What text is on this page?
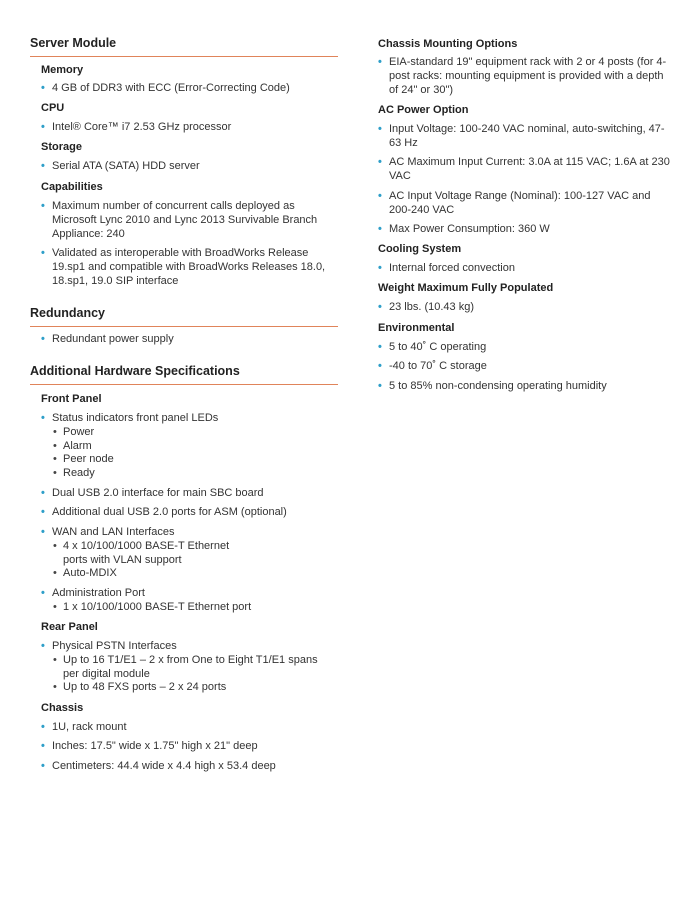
Server Module
Memory
• 4 GB of DDR3 with ECC (Error-Correcting Code)
CPU
• Intel® Core™ i7 2.53 GHz processor
Storage
• Serial ATA (SATA) HDD server
Capabilities
• Maximum number of concurrent calls deployed as Microsoft Lync 2010 and Lync 2013 Survivable Branch Appliance: 240
• Validated as interoperable with BroadWorks Release 19.sp1 and compatible with BroadWorks Releases 18.0, 18.sp1, 19.0 SIP interface
Redundancy
• Redundant power supply
Additional Hardware Specifications
Front Panel
• Status indicators front panel LEDs
• Power
• Alarm
• Peer node
• Ready
• Dual USB 2.0 interface for main SBC board
• Additional dual USB 2.0 ports for ASM (optional)
• WAN and LAN Interfaces
• 4 x 10/100/1000 BASE-T Ethernet ports with VLAN support
• Auto-MDIX
• Administration Port
• 1 x 10/100/1000 BASE-T Ethernet port
Rear Panel
• Physical PSTN Interfaces
• Up to 16 T1/E1 – 2 x from One to Eight T1/E1 spans per digital module
• Up to 48 FXS ports – 2 x 24 ports
Chassis
• 1U, rack mount
• Inches: 17.5" wide x 1.75" high x 21" deep
• Centimeters: 44.4 wide x 4.4 high x 53.4 deep
Chassis Mounting Options
• EIA-standard 19" equipment rack with 2 or 4 posts (for 4-post racks: mounting equipment is provided with a depth of 24" or 30")
AC Power Option
• Input Voltage: 100-240 VAC nominal, auto-switching, 47-63 Hz
• AC Maximum Input Current: 3.0A at 115 VAC; 1.6A at 230 VAC
• AC Input Voltage Range (Nominal): 100-127 VAC and 200-240 VAC
• Max Power Consumption: 360 W
Cooling System
• Internal forced convection
Weight Maximum Fully Populated
• 23 lbs. (10.43 kg)
Environmental
• 5 to 40˚ C operating
• -40 to 70˚ C storage
• 5 to 85% non-condensing operating humidity
